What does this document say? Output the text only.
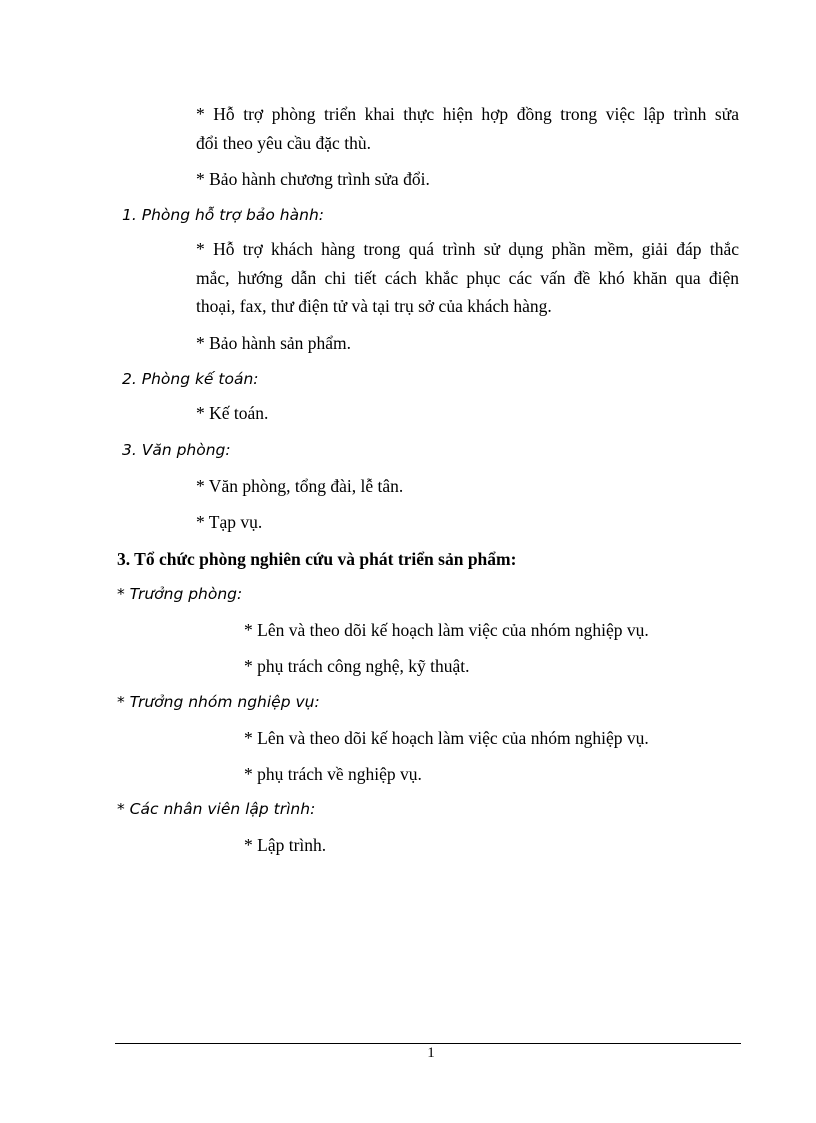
* Hỗ trợ phòng triển khai thực hiện hợp đồng trong việc lập trình sửa
đổi theo yêu cầu đặc thù.
* Bảo hành chương trình sửa đổi.
1. Phòng hỗ trợ bảo hành:
* Hỗ trợ khách hàng trong quá trình sử dụng phần mềm, giải đáp thắc
mắc, hướng dẫn chi tiết cách khắc phục các vấn đề khó khăn qua điện
thoại, fax, thư điện tử và tại trụ sở của khách hàng.
* Bảo hành sản phẩm.
2. Phòng kế toán:
* Kế toán.
3. Văn phòng:
* Văn phòng, tổng đài, lễ tân.
* Tạp vụ.
3. Tổ chức phòng nghiên cứu và phát triển sản phẩm:
* Trưởng phòng:
* Lên và theo dõi kế hoạch làm việc của nhóm nghiệp vụ.
* phụ trách công nghệ, kỹ thuật.
* Trưởng nhóm nghiệp vụ:
* Lên và theo dõi kế hoạch làm việc của nhóm nghiệp vụ.
* phụ trách về nghiệp vụ.
* Các nhân viên lập trình:
* Lập trình.
1
